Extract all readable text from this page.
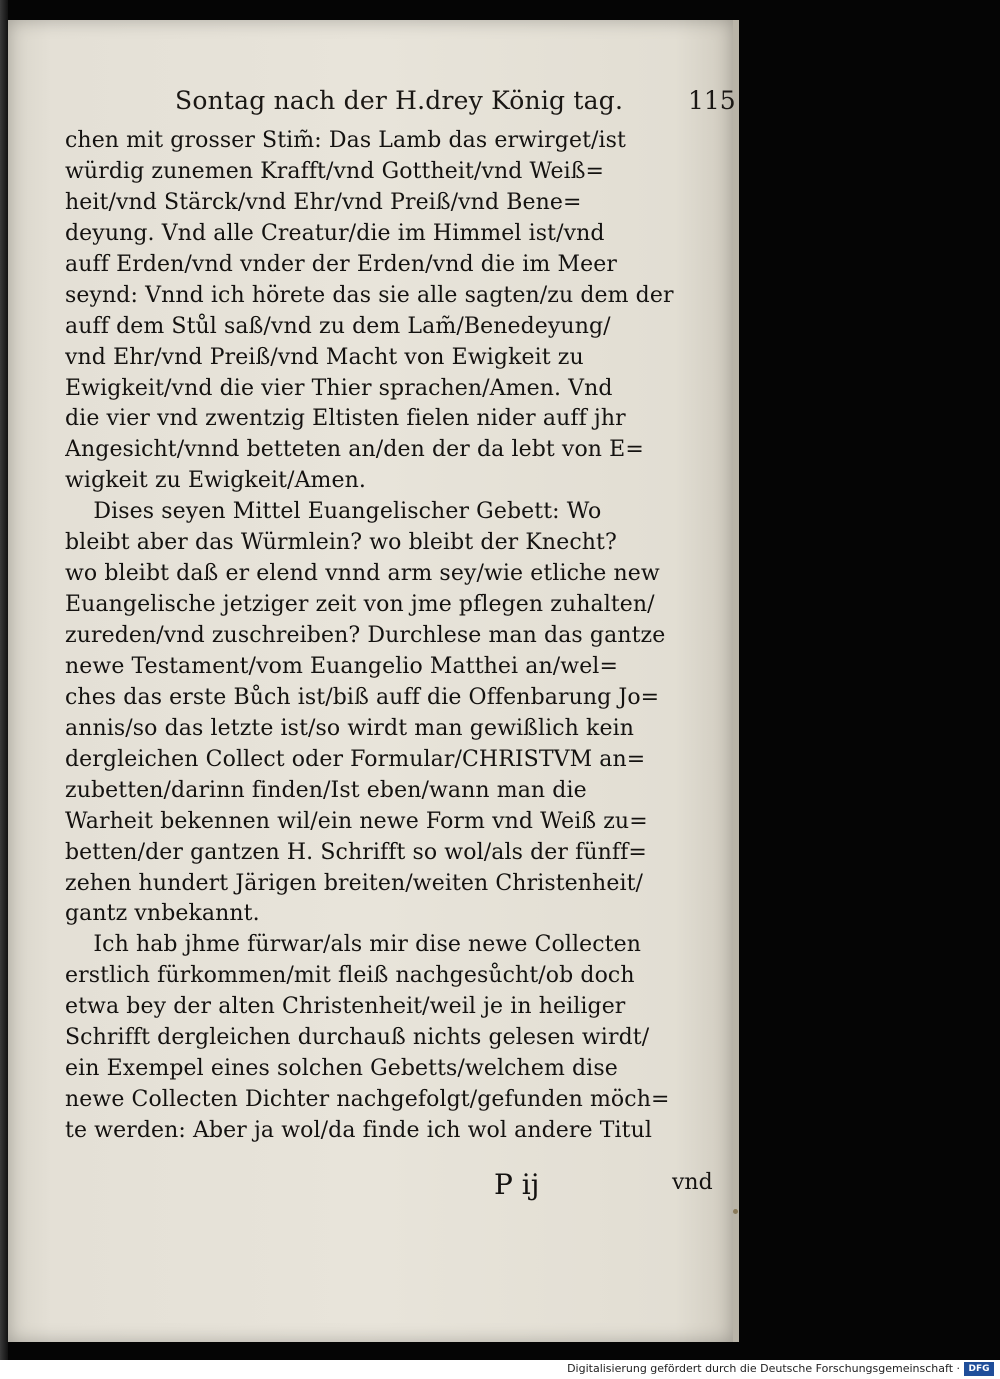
Sontag nach der H.drey König tag.	115
chen mit grosser Stim̃: Das Lamb das erwirget/ist
würdig zunemen Krafft/vnd Gottheit/vnd Weiß=
heit/vnd Stärck/vnd Ehr/vnd Preiß/vnd Bene=
deyung. Vnd alle Creatur/die im Himmel ist/vnd
auff Erden/vnd vnder der Erden/vnd die im Meer
seynd: Vnnd ich hörete das sie alle sagten/zu dem der
auff dem Stůl saß/vnd zu dem Lam̃/Benedeyung/
vnd Ehr/vnd Preiß/vnd Macht von Ewigkeit zu
Ewigkeit/vnd die vier Thier sprachen/Amen. Vnd
die vier vnd zwentzig Eltisten fielen nider auff jhr
Angesicht/vnnd betteten an/den der da lebt von E=
wigkeit zu Ewigkeit/Amen.
Dises seyen Mittel Euangelischer Gebett: Wo
bleibt aber das Würmlein? wo bleibt der Knecht?
wo bleibt daß er elend vnnd arm sey/wie etliche new
Euangelische jetziger zeit von jme pflegen zuhalten/
zureden/vnd zuschreiben? Durchlese man das gantze
newe Testament/vom Euangelio Matthei an/wel=
ches das erste Bůch ist/biß auff die Offenbarung Jo=
annis/so das letzte ist/so wirdt man gewißlich kein
dergleichen Collect oder Formular/CHRISTVM an=
zubetten/darinn finden/Ist eben/wann man die
Warheit bekennen wil/ein newe Form vnd Weiß zu=
betten/der gantzen H. Schrifft so wol/als der fünff=
zehen hundert Järigen breiten/weiten Christenheit/
gantz vnbekannt.
Ich hab jhme fürwar/als mir dise newe Collecten
erstlich fürkommen/mit fleiß nachgesůcht/ob doch
etwa bey der alten Christenheit/weil je in heiliger
Schrifft dergleichen durchauß nichts gelesen wirdt/
ein Exempel eines solchen Gebetts/welchem dise
newe Collecten Dichter nachgefolgt/gefunden möch=
te werden: Aber ja wol/da finde ich wol andere Titul
P ij	vnd
Digitalisierung gefördert durch die Deutsche Forschungsgemeinschaft · DFG
